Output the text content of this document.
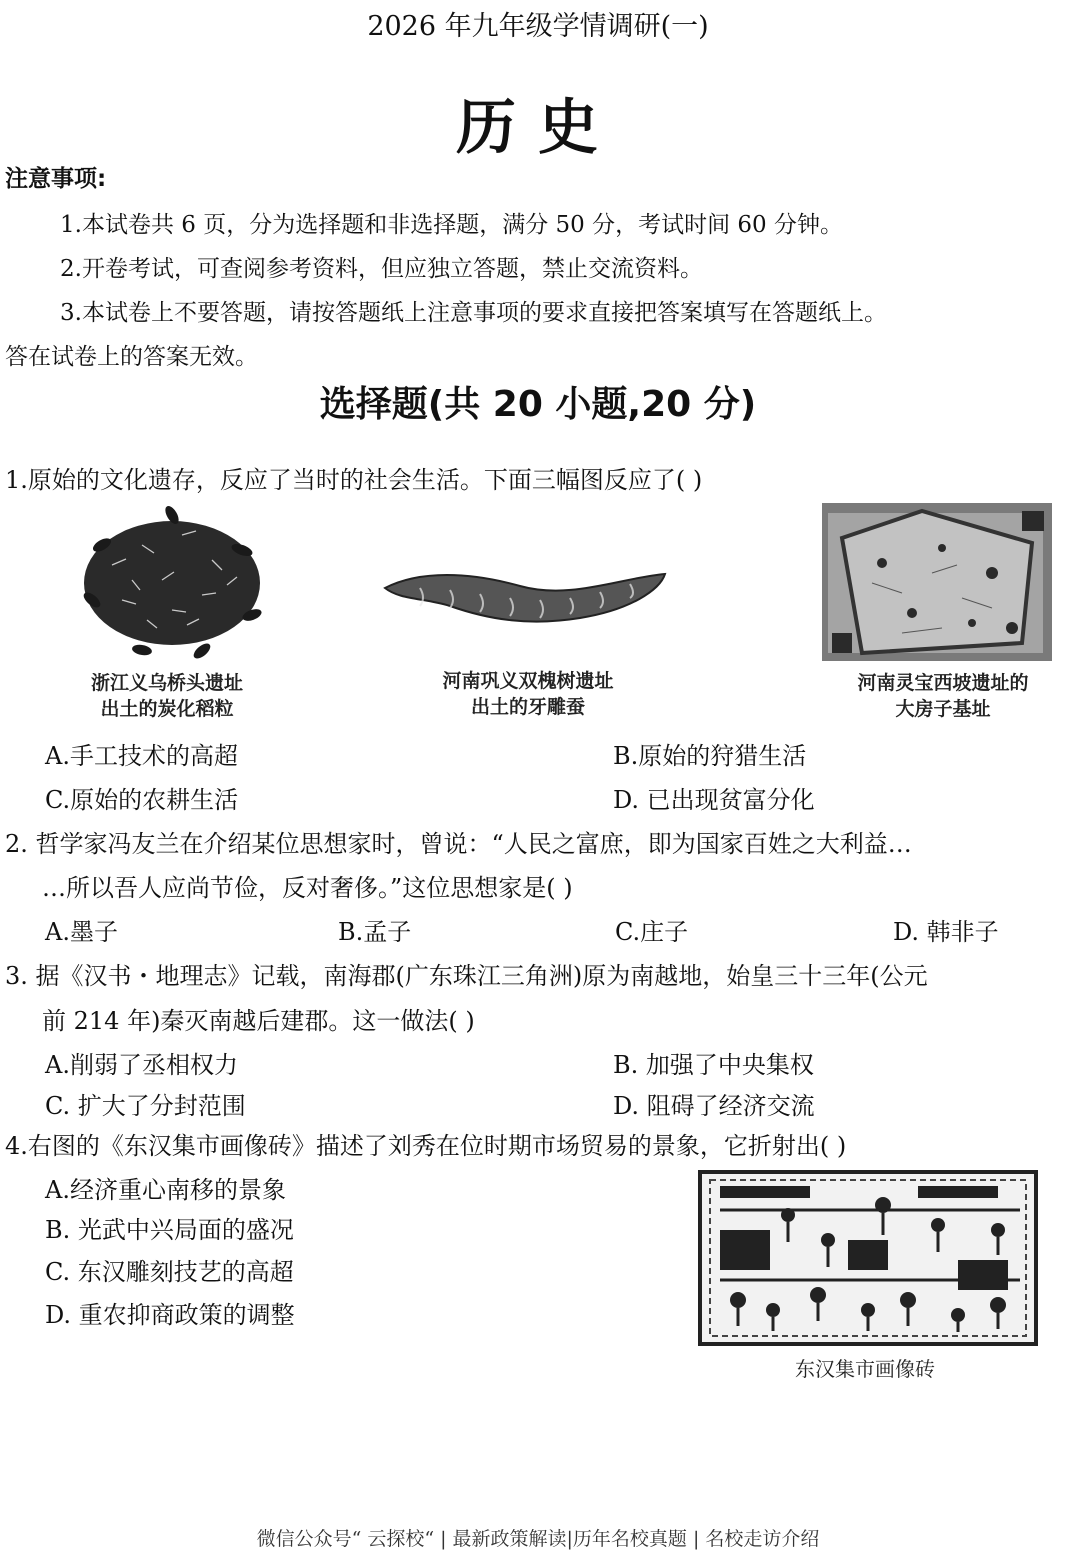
2026 年九年级学情调研(一)
历史
注意事项:
1.本试卷共 6 页，分为选择题和非选择题，满分 50 分，考试时间 60 分钟。
2.开卷考试，可查阅参考资料，但应独立答题，禁止交流资料。
3.本试卷上不要答题，请按答题纸上注意事项的要求直接把答案填写在答题纸上。
答在试卷上的答案无效。
选择题(共 20 小题,20 分)
1.原始的文化遗存，反应了当时的社会生活。下面三幅图反应了( )
浙江义乌桥头遗址
出土的炭化稻粒
河南巩义双槐树遗址
出土的牙雕蚕
河南灵宝西坡遗址的
大房子基址
A.手工技术的高超	B.原始的狩猎生活
C.原始的农耕生活	D. 已出现贫富分化
2. 哲学家冯友兰在介绍某位思想家时，曾说：“人民之富庶，即为国家百姓之大利益…
…所以吾人应尚节俭，反对奢侈。”这位思想家是( )
A.墨子	B.孟子	C.庄子	D. 韩非子
3. 据《汉书・地理志》记载，南海郡(广东珠江三角洲)原为南越地，始皇三十三年(公元
前 214 年)秦灭南越后建郡。这一做法( )
A.削弱了丞相权力	B. 加强了中央集权
C. 扩大了分封范围	D. 阻碍了经济交流
4.右图的《东汉集市画像砖》描述了刘秀在位时期市场贸易的景象，它折射出( )
A.经济重心南移的景象
B. 光武中兴局面的盛况
C. 东汉雕刻技艺的高超
D. 重农抑商政策的调整
东汉集市画像砖
微信公众号“ 云探校“ | 最新政策解读|历年名校真题 | 名校走访介绍
